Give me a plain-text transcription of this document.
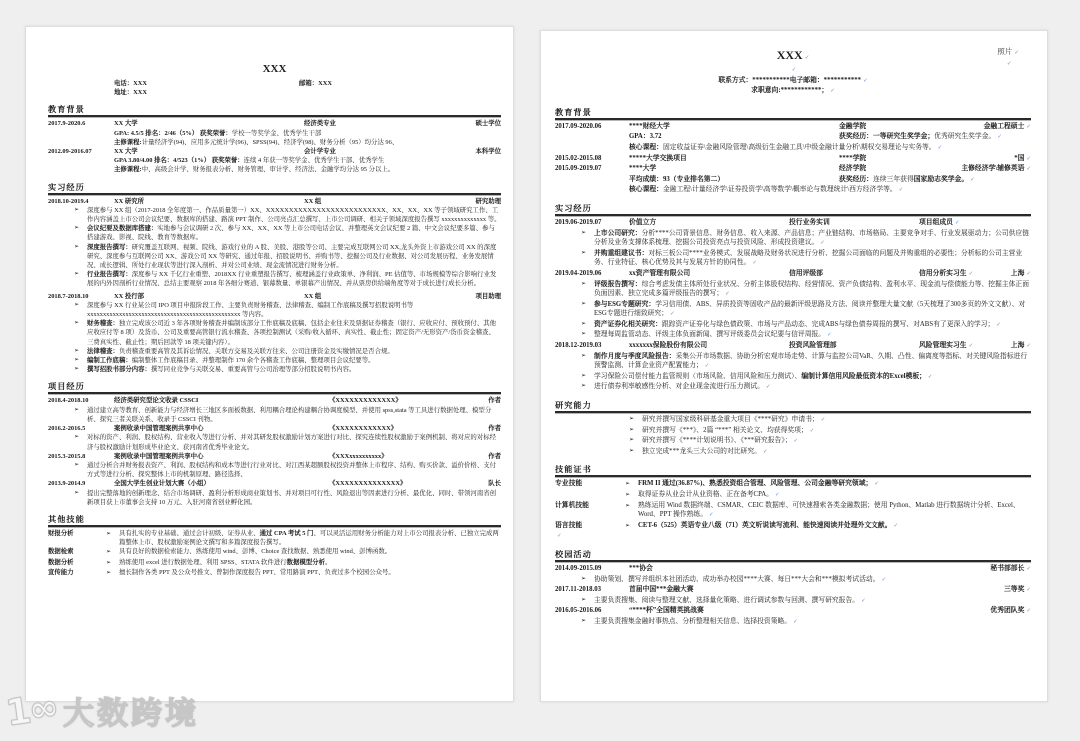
XXX
电话：XXX	邮箱：XXX
地址：XXX
教育背景
2017.9-2020.6	XX 大学	经济类专业	硕士学位
GPA: 4.5/5 排名：2/46（5%） 获奖荣誉：学校一等奖学金、优秀学生干部
主修课程:计量经济学(94)、应用多元统计学(96)、SPSS(94)、经济学(98)、财务分析（95）均分达 96、
2012.09-2016.07	XX 大学	会计学专业	本科学位
GPA 3.80/4.00 排名：4/523（1%） 获奖荣誉：连续 4 年获一等奖学金、优秀学生干部、优秀学生
主修课程:中、高级会计学、财务报表分析、财务管理、审计学、经济法、金融学均分达 95 分以上。
实习经历
2018.10-2019.4	XX 研究所	XX 组	研究助理
➢	深度参与 XX 组（2017-2018 全年度第一、作品质量第一）XX、XXXXXXXXXXXXXXXXXXXXXXXXXX、XX、XX、XX 等子领域研究工作、工作内容涵盖上市公司会议纪要、数据库的搭建、路演 PPT 制作、公司亮点汇总撰写、上市公司调研、相关子领域深度报告撰写 xxxxxxxxxxxxxx 等。
➢	会议纪要及数据库搭建：实地参与会议调研 2 次、参与 XX、XX、XX 等上市公司电话会议、并整理英文会议纪要 2 篇、中文会议纪要多篇、参与搭建游戏、影视、院线、教育等数据库。
➢	深度报告撰写：研究覆盖互联网、视频、院线、游戏行业的 A 股、美股、港股等公司、主要完成互联网公司 XX,龙头外资上市游戏公司 XX 的深度研究、深度参与互联网公司 XX、游戏公司 XX 等研究、通过年报、招股说明书、并购书等、挖掘公司及行业数据、对公司发展历程、业务发展情况、成长逻辑、所处行业现状等进行深入剖析、并对公司业绩、现金流情况进行财务分析。
➢	行业报告撰写：深度参与 XX 千亿行业重塑、2018XX 行业重塑报告撰写、梳理涵盖行业政策单、净利润、PE 估值等、市场规模等综合影响行业发展的内外因剖析行业情况、总结主要观察 2018 年各细分赛道、银幕数量、单银幕产出情况、并从票房供给端角度等对于成长进行成长分析。
2018.7-2018.10	XX 投行部	XX 组	项目助理
➢	深度参与 XX 行业某公司 IPO 项目申报阶段工作、主要负责财务稽查、法律稽查、编制工作底稿及撰写招股说明书等 xxxxxxxxxxxxxxxxxxxxxxxxxxxxxxxxxxxxxxxxxxxxxxxx 等内容。
➢	财务稽查：独立完成该公司近 3 年各项财务稽查并编制该部分工作底稿及底稿、包括企业往来及票据证券稽查（银行、应收应付、预收预付、其他应收应付等 8 项）及货币、公司及重要高管银行流水稽查、各项控制测试（采购/收入循环、真实性、截止性；固定资产/无形资产/货币资金稽查、三费真实性、截止性；期后回款等 18 项关键内容）。
➢	法律稽查：负责稽查重要高管及其诉讼情况、关联方交易及关联方往来、公司注册资金及实缴情况是否合规。
➢	编制工作底稿：编制整体工作底稿目录、并整理制作 170 余个各稽查工作底稿、整理项目会议纪要等。
➢	撰写招股书部分内容：撰写同业竞争与关联交易、重要高管与公司治理等部分招股说明书内容。
项目经历
2018.4-2018.10	经济类研究型论文收录 CSSCI	《XXXXXXXXXXXXX》	作者
➢	通过建立高等教育、创新能力与经济增长三地区多面板数据、利用耦合理论构建耦合协调度模型、并使用 spss,stata 等工具进行数据处理、模型分析、探究三者关联关系、收录于 CSSCI 刊物。
2016.2-2016.5	案例收录中国管理案例共享中心	《XXXXXXXXXXXX》	作者
➢	对标的资产、利润、股权结构、营业收入等进行分析、并对其研发股权激励计划方案进行对比、探究连续性股权激励于案例机制、将对应的对标经济与股权激励计划形成毕业论文、获河南省优秀毕业论文。
2015.3-2015.8	案例收录中国管理案例共享中心	《XXXxxxxxxxxxx》	作者
➢	通过分析合并财务报表资产、利润、股权结构和成本等进行行业对比、对江西某超额股权投资并整体上市程序、结构、购买价款、溢价价格、支付方式等进行分析、探究整体上市的机制原理、路径选择、
2013.9-2014.9	全国大学生创业计划大赛（小组）	《XXXXXXXXXXXXXX》	队长
➢	提出完整落地的创新理念、结合市场调研、盈利分析形成商业策划书、并对项目可行性、风险退出等因素进行分析、最优化、同时、带领河南省创新项目获上市董事会支持 10 万元、入驻河南省创业孵化园。
其他技能
财报分析	➢	具有扎实的专业基础、通过会计初级、证券从业、通过 CPA 考试 5 门、可以灵活运用财务分析能力对上市公司报表分析、已独立完成两篇整体上市、股权激励案例论文撰写和多篇深度报告撰写。
数据检索	➢	具有良好的数据检索能力、熟练使用 wind、彭博、Choice 查找数据、熟悉使用 wind、彭博函数。
数据分析	➢	熟练使用 excel 进行数据处理、利用 SPSS、STATA 软件进行数据模型分析。
宣传能力	➢	擅长制作各类 PPT 及公众号推文、曾制作深度报告 PPT、常用路演 PPT、负责过多个校园公众号。
照片 ✓
✓
XXX ✓
✓
联系方式：***********电子邮箱：*********** ✓
求职意向:************； ✓
教育背景
2017.09-2020.06	****财经大学	金融学院	金融工程硕士 ✓
GPA：3.72	获奖经历：一等研究生奖学金；优秀研究生奖学金。 ✓
核心课程：固定收益证券\金融风险管理\高级衍生金融工具\中级金融计量分析\期权交易理论与实务等。 ✓
2015.02-2015.08	*****大学交换项目	****学院	*国 ✓
2015.09-2019.07	****大学	经济学院	主修经济学\辅修英语 ✓
平均成绩：93（专业排名第二）	获奖经历：连续三年获得国家励志奖学金。 ✓
核心课程：金融工程\计量经济学\证券投资学\高等数学\概率论与数理统计\西方经济学等。 ✓
实习经历
2019.06-2019.07	价值立方	投行业务实训	项目组成员 ✓
➢	上市公司研究：分析****公司背景信息、财务信息、收入来源、产品信息；产业链结构、市场格局、主要竞争对手、行业发展驱动力；公司供应链分析及业务支撑体系梳理、挖掘公司投资亮点与投资风险、形成投资建议。 ✓
➢	并购重组建议书：对标三板公司****业务模式、发展战略及财务状况进行分析、挖掘公司面临的问题及并购重组的必要性；分析标的公司主营业务、行业特征、核心优势及其与发展方针的协同性。 ✓
2019.04-2019.06	xx资产管理有限公司	信用评级部	信用分析实习生 ✓	上海 ✓
➢	评级报告撰写：综合考虑发债主体所处行业状况、分析主体股权结构、经营情况、资产负债结构、盈利水平、现金流与偿债能力等、挖掘主体正面负面因素、独立完成多篇评级报告的撰写； ✓
➢	参与ESG专题研究：学习信用债、ABS、异质投资等固收产品的最新评级思路及方法、阅读并整理大量文献（5天梳理了300多页的外文文献）、对ESG专题进行细致研究； ✓
➢	资产证券化相关研究：跟踪资产证券化与绿色债政策、市场与产品动态、完成ABS与绿色债券周报的撰写、对ABS有了更深入的学习； ✓
➢	整理每周监管动态、评级主体负面新闻、撰写评级委员会议纪要与信评周报。 ✓
2018.12-2019.03	xxxxxxx保险股份有限公司	投资风险管理部	风险管理实习生 ✓	上海 ✓
➢	制作月度与季度风险报告：采集公开市场数据、协助分析宏观市场走势、计算与监控公司VaR、久期、凸性、偏离度等指标、对关键风险指标进行预警监测、计算企业资产配置能力； ✓
➢	学习保险公司偿付能力监管规则（市场风险、信用风险和压力测试）、编制计算信用风险最低资本的Excel模板； ✓
➢	进行债券利率敏感性分析、对企业现金流进行压力测试。 ✓
研究能力
➢	研究并撰写国家级科研基金重大项目《****研究》申请书； ✓
➢	研究并撰写《***》、2篇 “***” 相关论文、均获得奖项； ✓
➢	研究并撰写《****计划说明书》、《***研究报告》； ✓
➢	独立完成***龙头三大公司的对比研究。 ✓
技能证书
专业技能	➢	FRM II 通过(36.87%)、熟悉投资组合管理、风险管理、公司金融等研究领域； ✓
➢	取得证券从业会计从业资格、正在备考CPA。 ✓
计算机技能	➢	熟练运用 Wind 数据终端、CSMAR、CEIC 数据库、可快速搜索各类金融数据；使用 Python、Matlab 进行数据统计分析、Excel、Word、PPT 操作熟练。 ✓
语言技能	➢	CET-6（525）英语专业八级（71）英文听说读写流利、能快速阅读并处理外文文献。 ✓
✓
校园活动
2014.09-2015.09	***协会	秘书部部长 ✓
➢	协助策划、撰写并组织本社团活动、成功举办校园****大赛、每日***大会和***模拟考试活动。 ✓
2017.11-2018.03	首届中国***金融大赛	三等奖 ✓
➢	主要负责搜集、阅读与整理文献、选择量化策略、进行调试参数与回测、撰写研究报告。 ✓
2016.05-2016.06	“****杯”全国精英挑战赛	优秀团队奖 ✓
➢	主要负责搜集金融时事热点、分析整理相关信息、选择投资策略。 ✓
1∞ 大数跨境
